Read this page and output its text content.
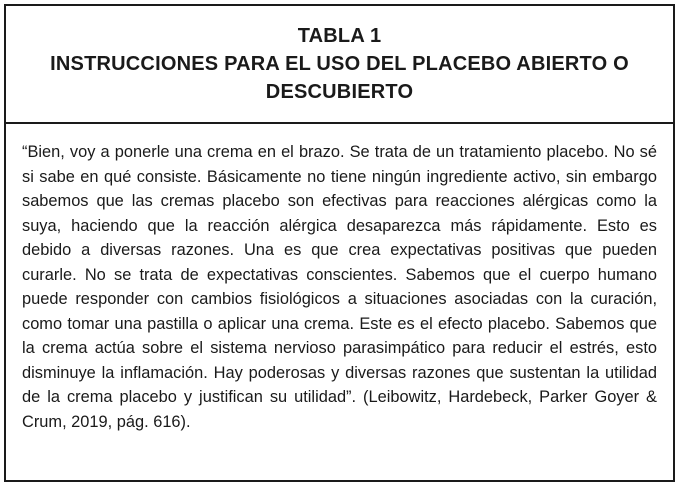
TABLA 1
INSTRUCCIONES PARA EL USO DEL PLACEBO ABIERTO O
DESCUBIERTO

“Bien, voy a ponerle una crema en el brazo. Se trata de un tratamiento placebo. No sé si sabe en qué consiste. Básicamente no tiene ningún ingrediente activo, sin embargo sabemos que las cremas placebo son efectivas para reacciones alérgicas como la suya, haciendo que la reacción alérgica desaparezca más rápidamente. Esto es debido a diversas razones. Una es que crea expectativas positivas que pueden curarle. No se trata de expectativas conscientes. Sabemos que el cuerpo humano puede responder con cambios fisiológicos a situaciones asociadas con la curación, como tomar una pastilla o aplicar una crema. Este es el efecto placebo. Sabemos que la crema actúa sobre el sistema nervioso parasimpático para reducir el estrés, esto disminuye la inflamación. Hay poderosas y diversas razones que sustentan la utilidad de la crema placebo y justifican su utilidad”. (Leibowitz, Hardebeck, Parker Goyer & Crum, 2019, pág. 616).
